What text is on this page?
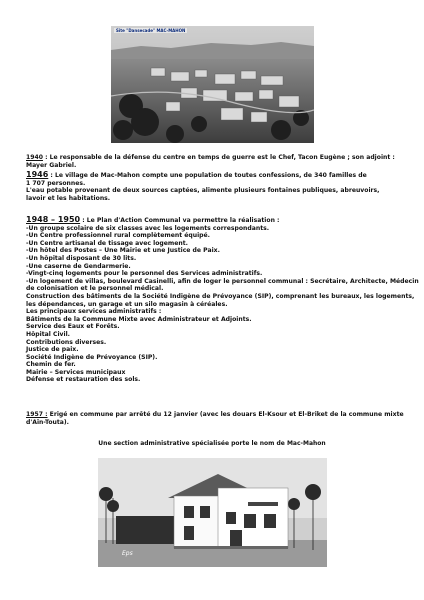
Site "Dansecade" MAC-MAHON
1940 : Le responsable de la défense du centre en temps de guerre est le Chef, Tacon Eugène ; son adjoint : Mayer Gabriel.
1946 : Le village de Mac-Mahon compte une population de toutes confessions, de 340 familles de
1 707 personnes.
L'eau potable provenant de deux sources captées, alimente plusieurs fontaines publiques, abreuvoirs, lavoir et les habitations.
1948 – 1950 : Le Plan d'Action Communal va permettre la réalisation :
-Un groupe scolaire de six classes avec les logements correspondants.
-Un Centre professionnel rural complètement équipé.
-Un Centre artisanal de tissage avec logement.
-Un hôtel des Postes – Une Mairie et une Justice de Paix.
-Un hôpital disposant de 30 lits.
-Une caserne de Gendarmerie.
-Vingt-cinq logements pour le personnel des Services administratifs.
-Un logement de villas, boulevard Casinelli, afin de loger le personnel communal : Secrétaire, Architecte, Médecin
de colonisation et le personnel médical.
Construction des bâtiments de la Société Indigène de Prévoyance (SIP), comprenant les bureaux, les logements,
les dépendances, un garage et un silo magasin à céréales.
Les principaux services administratifs :
Bâtiments de la Commune Mixte avec Administrateur et Adjoints.
Service des Eaux et Forêts.
Hôpital Civil.
Contributions diverses.
Justice de paix.
Société Indigène de Prévoyance (SIP).
Chemin de fer.
Mairie – Services municipaux
Défense et restauration des sols.
1957 : Erigé en commune par arrêté du 12 janvier (avec les douars El-Ksour et El-Briket de la commune mixte
d'Aïn-Touta).
Une section administrative spécialisée porte le nom de Mac-Mahon
Eps
